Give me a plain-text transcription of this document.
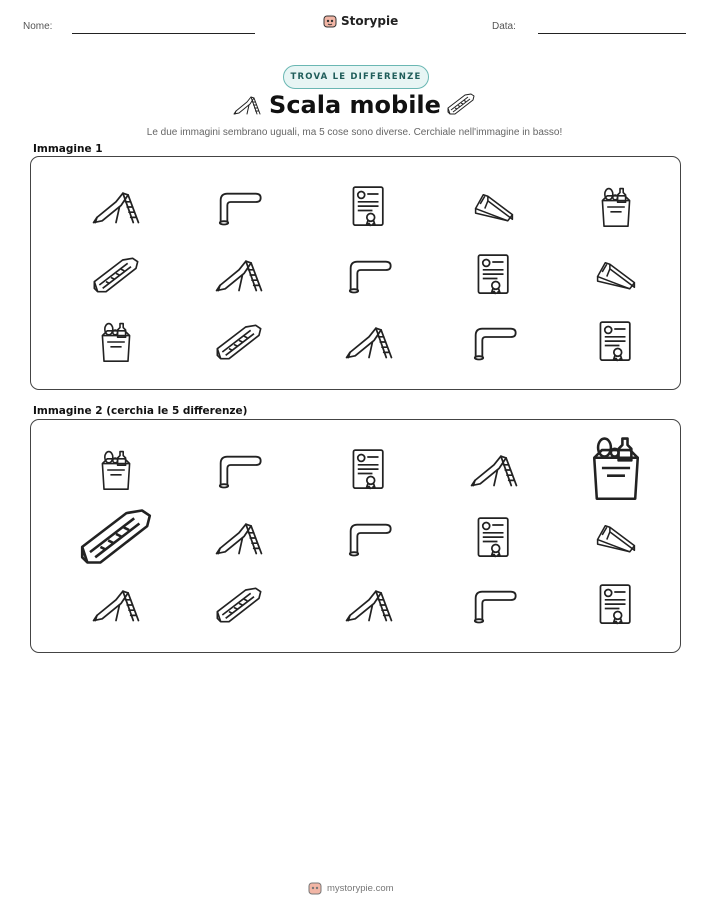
Nome:	Storypie	Data:
TROVA LE DIFFERENZE
Scala mobile
Le due immagini sembrano uguali, ma 5 cose sono diverse. Cerchiale nell'immagine in basso!
Immagine 1
Immagine 2 (cerchia le 5 differenze)
mystorypie.com
